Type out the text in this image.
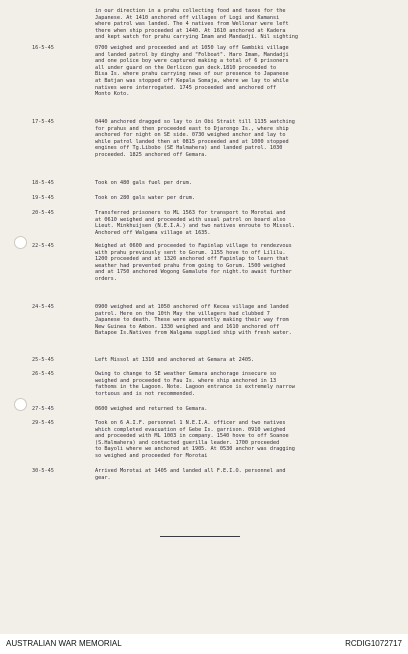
in our direction in a prahu collecting food and taxes for the
Japanese. At 1410 anchored off villages of Logi and Kamansi
where patrol was landed. The 4 natives from Wellonar were left
there when ship proceeded at 1440. At 1610 anchored at Kadera
and kept watch for prahu carrying Imam and Mandadji. Nil sighting
16-5-45	0700 weighed and proceeded and at 1050 lay off Gambiki village
and landed patrol by dinghy and "Folboat". Haro Imam, Mandadji
and one police boy were captured making a total of 6 prisoners
all under guard on the Oerlicon gun deck.1810 proceeded to
Bisa Is. where prahu carrying news of our presence to Japanese
at Batjan was stopped off Kepala Somaja, where we lay to while
natives were interrogated. 1745 proceeded and anchored off
Monto Koto.
17-5-45	0440 anchored dragged so lay to in Obi Strait till 1135 watching
for prahus and then proceeded east to Djarongo Is., where ship
anchored for night on SE side. 0730 weighed anchor and lay to
while patrol landed then at 0815 proceeded and at 1000 stopped
engines off Tg.Libobo (SE Halmahera) and landed patrol. 1030
proceeded. 1825 anchored off Gemara.
18-5-45	Took on 480 gals fuel per drum.
19-5-45	Took on 280 gals water per drum.
20-5-45	Transferred prisoners to ML 1563 for transport to Morotai and
at 0610 weighed and proceeded with usual patrol on board also
Lieut. Minkhuijsen (N.E.I.A.) and two natives enroute to Missol.
Anchored off Walgama village at 1635.
22-5-45	Weighed at 0600 and proceeded to Fapinlap village to rendezvous
with prahu previously sent to Gorum. 1155 hove to off Lililu.
1200 proceeded and at 1320 anchored off Fapinlap to learn that
weather had prevented prahu from going to Gorum. 1500 weighed
and at 1750 anchored Wogong Gamalute for night.to await further
orders.
24-5-45	0900 weighed and at 1050 anchored off Kecea village and landed
patrol. Here on the 10th May the villagers had clubbed 7
Japanese to death. These were apparently making their way from
New Guinea to Ambon. 1330 weighed and and 1610 anchored off
Batapoe Is.Natives from Walgama supplied ship with fresh water.
25-5-45	Left Missol at 1310 and anchored at Gemara at 2405.
26-5-45	Owing to change to SE weather Gemara anchorage insecure so
weighed and proceeded to Fau Is. where ship anchored in 13
fathoms in the Lagoon. Note. Lagoon entrance is extremely narrow
tortuous and is not recommended.
27-5-45	0600 weighed and returned to Gemara.
29-5-45	Took on 6 A.I.F. personnel 1 N.E.I.A. officer and two natives
which completed evacuation of Gebe Is. garrison. 0910 weighed
and proceeded with ML 1003 in company. 1540 hove to off Soanoe
(S.Halmahera) and contacted guerilla leader. 1700 proceeded
to Bayoli where we anchored at 1905. At 0530 anchor was dragging
so weighed and proceeded for Morotai
30-5-45	Arrived Morotai at 1405 and landed all F.E.I.O. personnel and
gear.
AUSTRALIAN WAR MEMORIAL	RCDIG1072717
